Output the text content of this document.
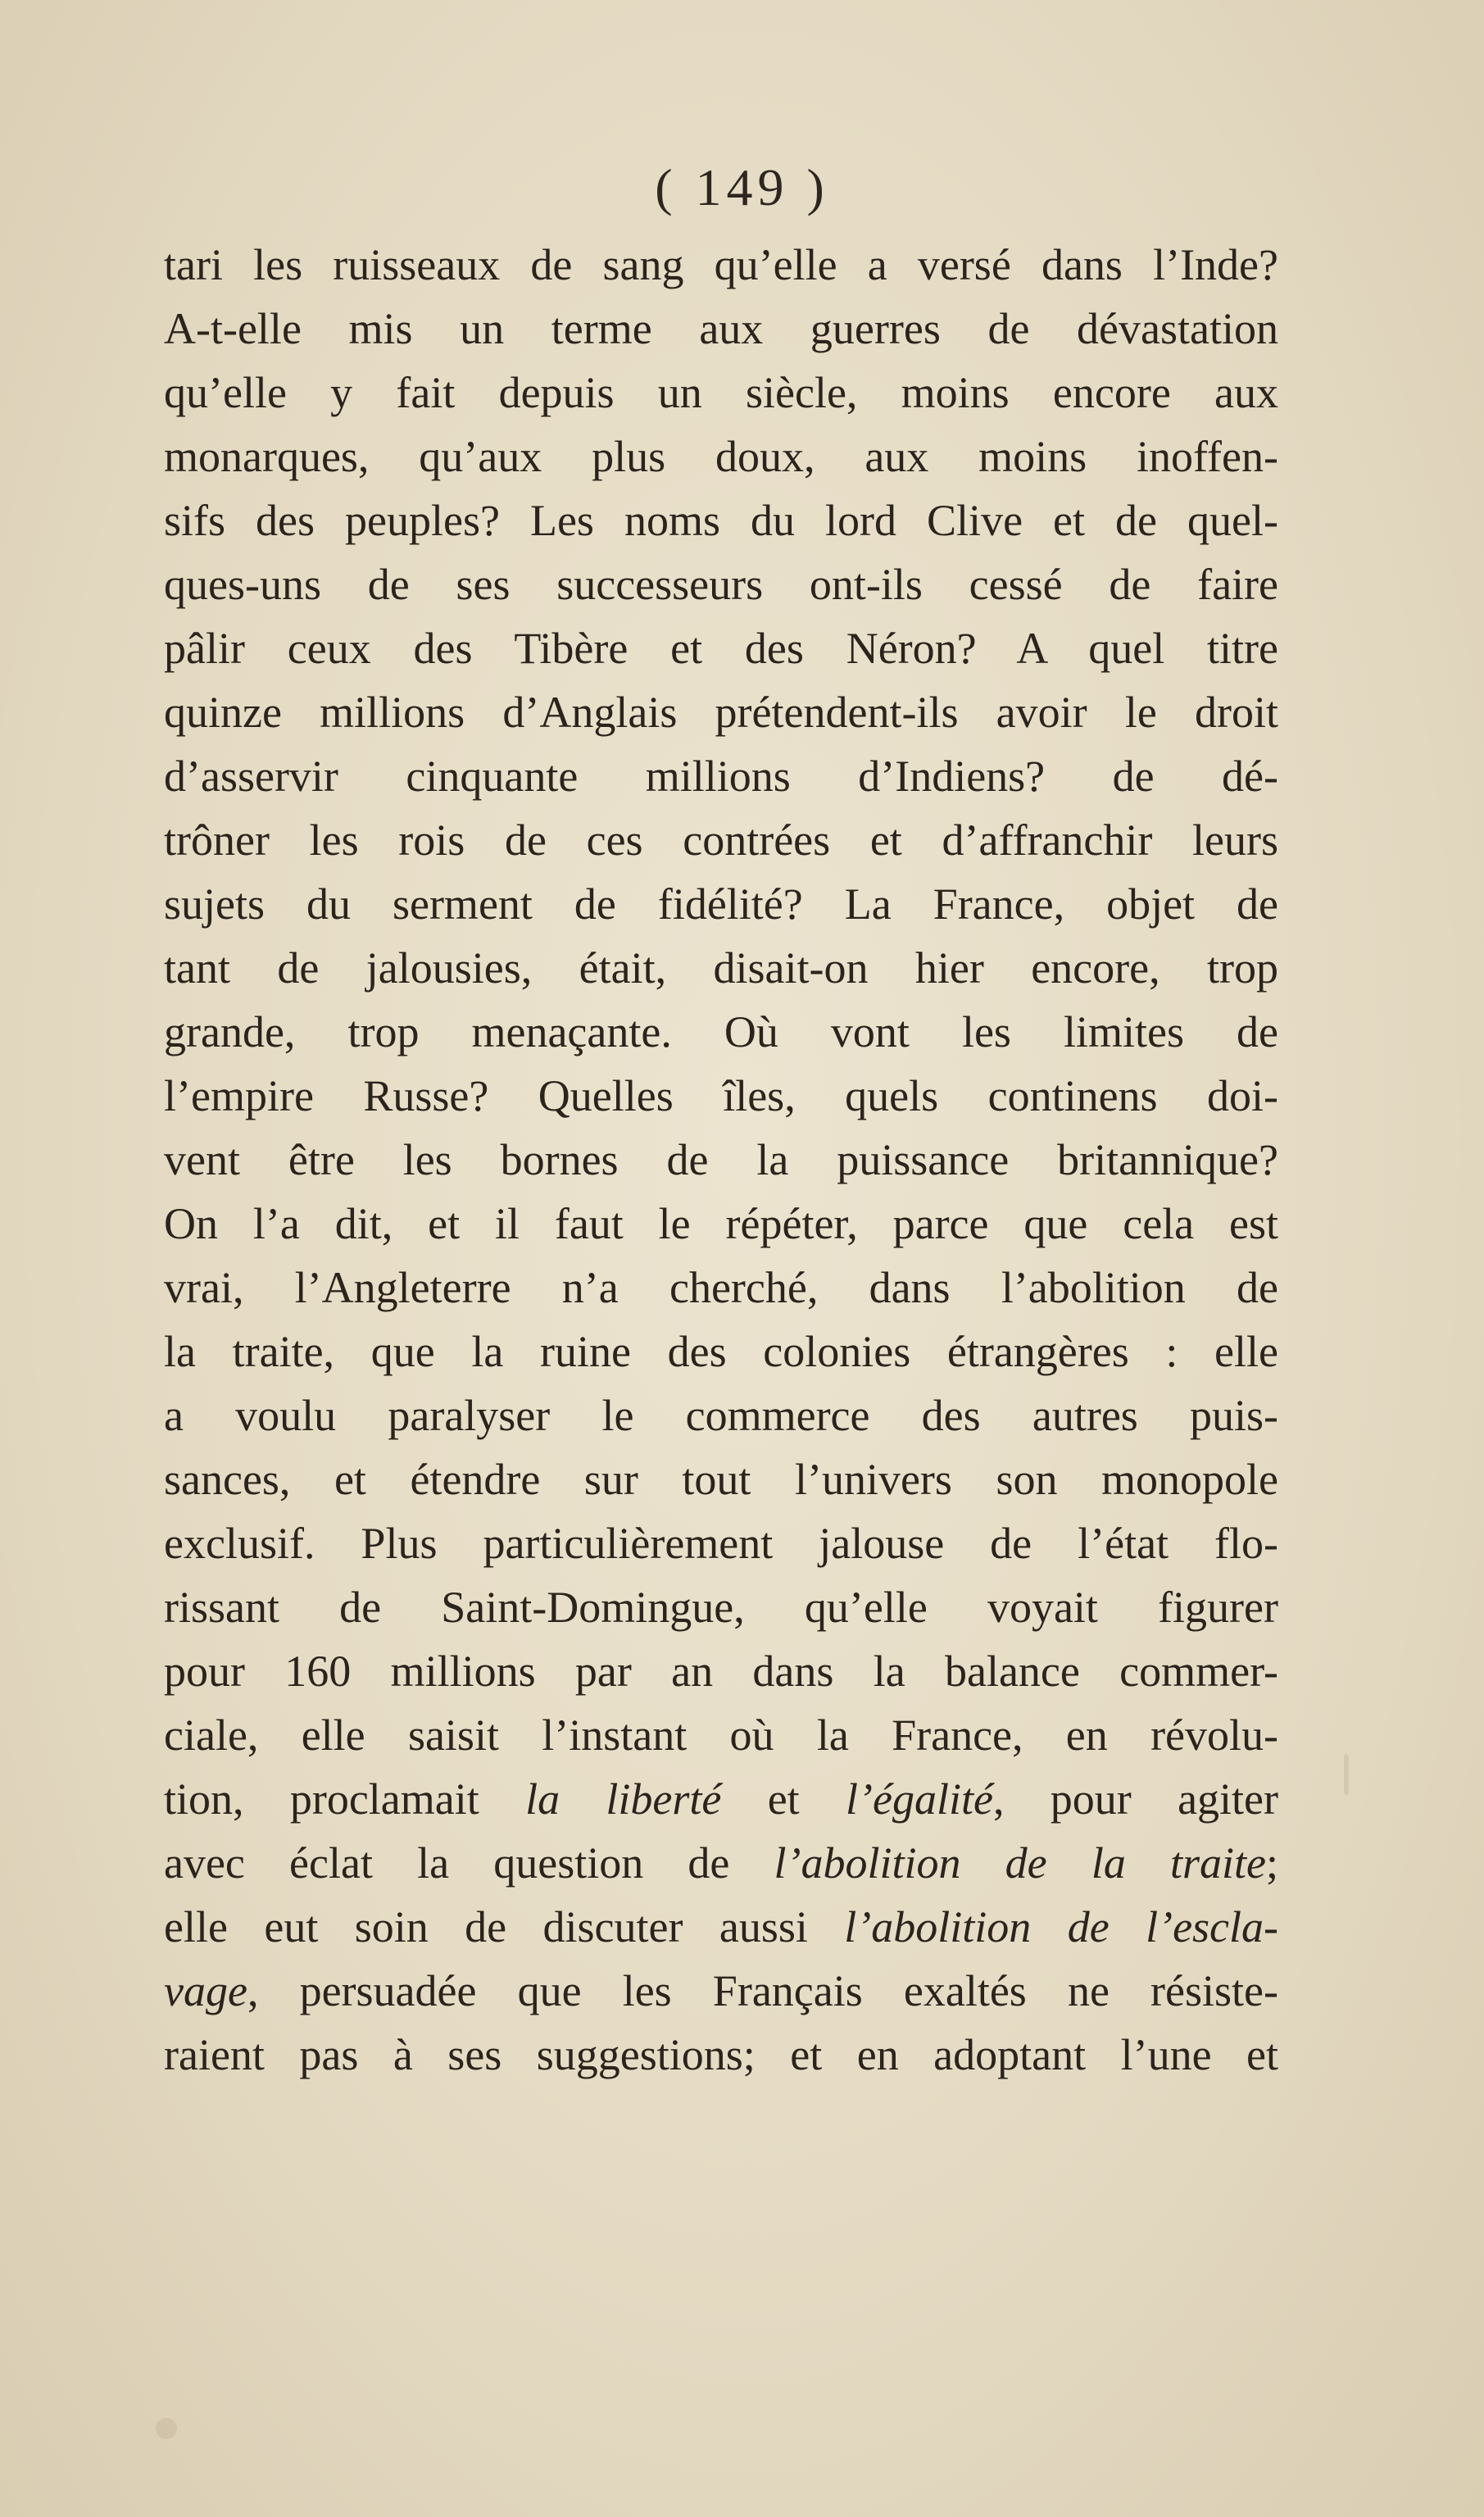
( 149 )
tari les ruisseaux de sang qu’elle a versé dans l’Inde?
A-t-elle mis un terme aux guerres de dévastation
qu’elle y fait depuis un siècle, moins encore aux
monarques, qu’aux plus doux, aux moins inoffen-
sifs des peuples? Les noms du lord Clive et de quel-
ques-uns de ses successeurs ont-ils cessé de faire
pâlir ceux des Tibère et des Néron? A quel titre
quinze millions d’Anglais prétendent-ils avoir le droit
d’asservir cinquante millions d’Indiens? de dé-
trôner les rois de ces contrées et d’affranchir leurs
sujets du serment de fidélité? La France, objet de
tant de jalousies, était, disait-on hier encore, trop
grande, trop menaçante. Où vont les limites de
l’empire Russe? Quelles îles, quels continens doi-
vent être les bornes de la puissance britannique?
On l’a dit, et il faut le répéter, parce que cela est
vrai, l’Angleterre n’a cherché, dans l’abolition de
la traite, que la ruine des colonies étrangères : elle
a voulu paralyser le commerce des autres puis-
sances, et étendre sur tout l’univers son monopole
exclusif. Plus particulièrement jalouse de l’état flo-
rissant de Saint-Domingue, qu’elle voyait figurer
pour 160 millions par an dans la balance commer-
ciale, elle saisit l’instant où la France, en révolu-
tion, proclamait la liberté et l’égalité, pour agiter
avec éclat la question de l’abolition de la traite;
elle eut soin de discuter aussi l’abolition de l’escla-
vage, persuadée que les Français exaltés ne résiste-
raient pas à ses suggestions; et en adoptant l’une et
